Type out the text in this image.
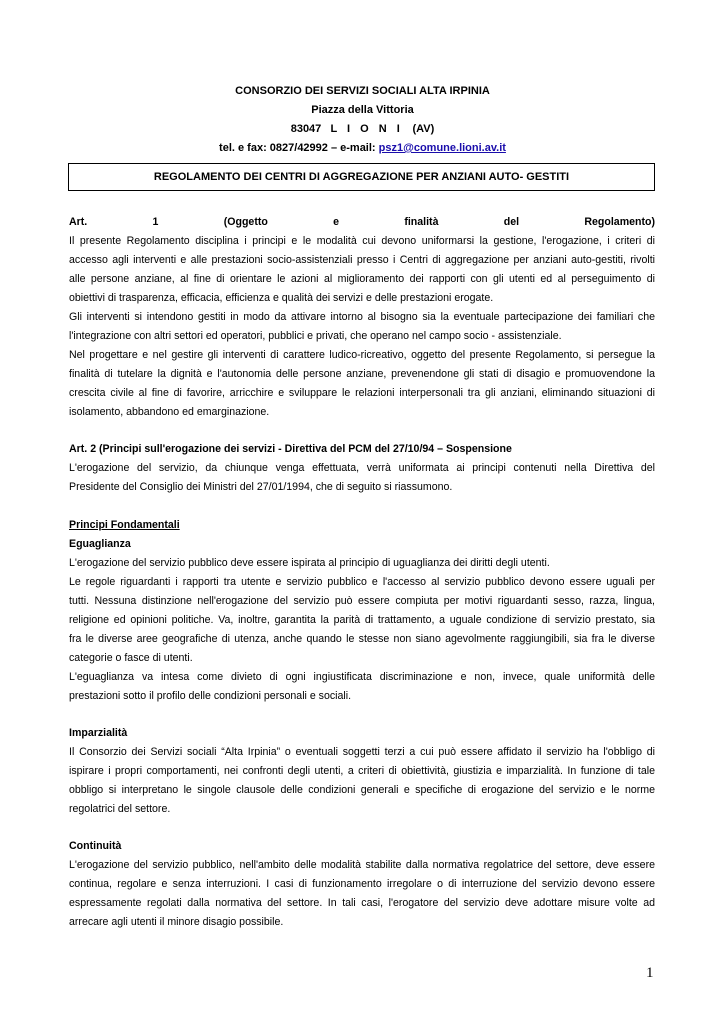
CONSORZIO DEI SERVIZI SOCIALI ALTA IRPINIA
Piazza della Vittoria
83047 L I O N I (AV)
tel. e fax: 0827/42992 – e-mail: psz1@comune.lioni.av.it
REGOLAMENTO DEI CENTRI DI AGGREGAZIONE PER ANZIANI AUTO- GESTITI
Art. 1 (Oggetto e finalità del Regolamento)
Il presente Regolamento disciplina i principi e le modalità cui devono uniformarsi la gestione, l'erogazione, i criteri di
accesso agli interventi e alle prestazioni socio-assistenziali presso i Centri di aggregazione per anziani auto-gestiti, rivolti
alle persone anziane, al fine di orientare le azioni al miglioramento dei rapporti con gli utenti ed al perseguimento di
obiettivi di trasparenza, efficacia, efficienza e qualità dei servizi e delle prestazioni erogate.
Gli interventi si intendono gestiti in modo da attivare intorno al bisogno sia la eventuale partecipazione dei familiari che
l'integrazione con altri settori ed operatori, pubblici e privati, che operano nel campo socio - assistenziale.
Nel progettare e nel gestire gli interventi di carattere ludico-ricreativo, oggetto del presente Regolamento, si persegue la
finalità di tutelare la dignità e l'autonomia delle persone anziane, prevenendone gli stati di disagio e promuovendone la
crescita civile al fine di favorire, arricchire e sviluppare le relazioni interpersonali tra gli anziani, eliminando situazioni di
isolamento, abbandono ed emarginazione.
Art. 2 (Principi sull'erogazione dei servizi - Direttiva del PCM del 27/10/94 – Sospensione
L'erogazione del servizio, da chiunque venga effettuata, verrà uniformata ai principi contenuti nella Direttiva del
Presidente del Consiglio dei Ministri del 27/01/1994, che di seguito si riassumono.
Principi Fondamentali
Eguaglianza
L'erogazione del servizio pubblico deve essere ispirata al principio di uguaglianza dei diritti degli utenti.
Le regole riguardanti i rapporti tra utente e servizio pubblico e l'accesso al servizio pubblico devono essere uguali per
tutti. Nessuna distinzione nell'erogazione del servizio può essere compiuta per motivi riguardanti sesso, razza, lingua,
religione ed opinioni politiche. Va, inoltre, garantita la parità di trattamento, a uguale condizione di servizio prestato, sia
fra le diverse aree geografiche di utenza, anche quando le stesse non siano agevolmente raggiungibili, sia fra le diverse
categorie o fasce di utenti.
L'eguaglianza va intesa come divieto di ogni ingiustificata discriminazione e non, invece, quale uniformità delle
prestazioni sotto il profilo delle condizioni personali e sociali.
Imparzialità
Il Consorzio dei Servizi sociali “Alta Irpinia” o eventuali soggetti terzi a cui può essere affidato il servizio ha l'obbligo di
ispirare i propri comportamenti, nei confronti degli utenti, a criteri di obiettività, giustizia e imparzialità. In funzione di tale
obbligo si interpretano le singole clausole delle condizioni generali e specifiche di erogazione del servizio e le norme
regolatrici del settore.
Continuità
L'erogazione del servizio pubblico, nell'ambito delle modalità stabilite dalla normativa regolatrice del settore, deve essere
continua, regolare e senza interruzioni. I casi di funzionamento irregolare o di interruzione del servizio devono essere
espressamente regolati dalla normativa del settore. In tali casi, l'erogatore del servizio deve adottare misure volte ad
arrecare agli utenti il minore disagio possibile.
1
